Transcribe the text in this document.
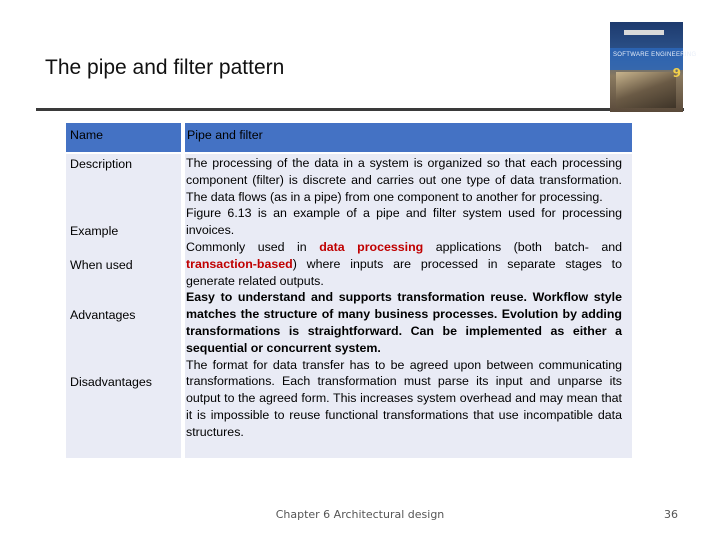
The pipe and filter pattern
SOFTWARE ENGINEERING
9
Name	Pipe and filter
Description
Example
When used
Advantages
Disadvantages
The processing of the data in a system is organized so that each processing component (filter) is discrete and carries out one type of data transformation. The data flows (as in a pipe) from one component to another for processing.
Figure 6.13 is an example of a pipe and filter system used for processing invoices.
Commonly used in data processing applications (both batch- and transaction-based) where inputs are processed in separate stages to generate related outputs.
Easy to understand and supports transformation reuse. Workflow style matches the structure of many business processes. Evolution by adding transformations is straightforward. Can be implemented as either a sequential or concurrent system.
The format for data transfer has to be agreed upon between communicating transformations. Each transformation must parse its input and unparse its output to the agreed form. This increases system overhead and may mean that it is impossible to reuse functional transformations that use incompatible data structures.
Chapter 6 Architectural design	36
